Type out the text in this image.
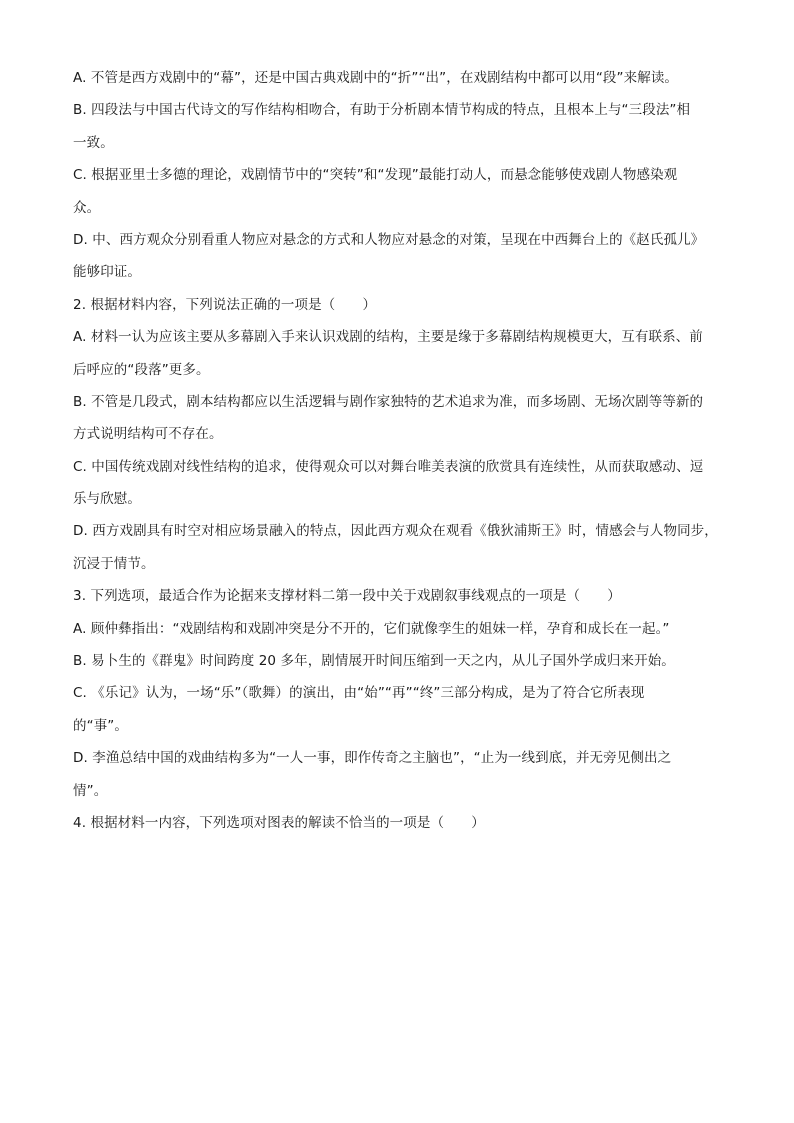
A. 不管是西方戏剧中的“幕”，还是中国古典戏剧中的“折”“出”，在戏剧结构中都可以用“段”来解读。
B. 四段法与中国古代诗文的写作结构相吻合，有助于分析剧本情节构成的特点，且根本上与“三段法”相
一致。
C. 根据亚里士多德的理论，戏剧情节中的“突转”和“发现”最能打动人，而悬念能够使戏剧人物感染观
众。
D. 中、西方观众分别看重人物应对悬念的方式和人物应对悬念的对策，呈现在中西舞台上的《赵氏孤儿》
能够印证。
2. 根据材料内容，下列说法正确的一项是（　　）
A. 材料一认为应该主要从多幕剧入手来认识戏剧的结构，主要是缘于多幕剧结构规模更大，互有联系、前
后呼应的“段落”更多。
B. 不管是几段式，剧本结构都应以生活逻辑与剧作家独特的艺术追求为准，而多场剧、无场次剧等等新的
方式说明结构可不存在。
C. 中国传统戏剧对线性结构的追求，使得观众可以对舞台唯美表演的欣赏具有连续性，从而获取感动、逗
乐与欣慰。
D. 西方戏剧具有时空对相应场景融入的特点，因此西方观众在观看《俄狄浦斯王》时，情感会与人物同步，
沉浸于情节。
3. 下列选项，最适合作为论据来支撑材料二第一段中关于戏剧叙事线观点的一项是（　　）
A. 顾仲彝指出：“戏剧结构和戏剧冲突是分不开的，它们就像孪生的姐妹一样，孕育和成长在一起。”
B. 易卜生的《群鬼》时间跨度 20 多年，剧情展开时间压缩到一天之内，从儿子国外学成归来开始。
C. 《乐记》认为，一场“乐”（歌舞）的演出，由“始”“再”“终”三部分构成，是为了符合它所表现
的“事”。
D. 李渔总结中国的戏曲结构多为“一人一事，即作传奇之主脑也”，“止为一线到底，并无旁见侧出之
情”。
4. 根据材料一内容，下列选项对图表的解读不恰当的一项是（　　）
